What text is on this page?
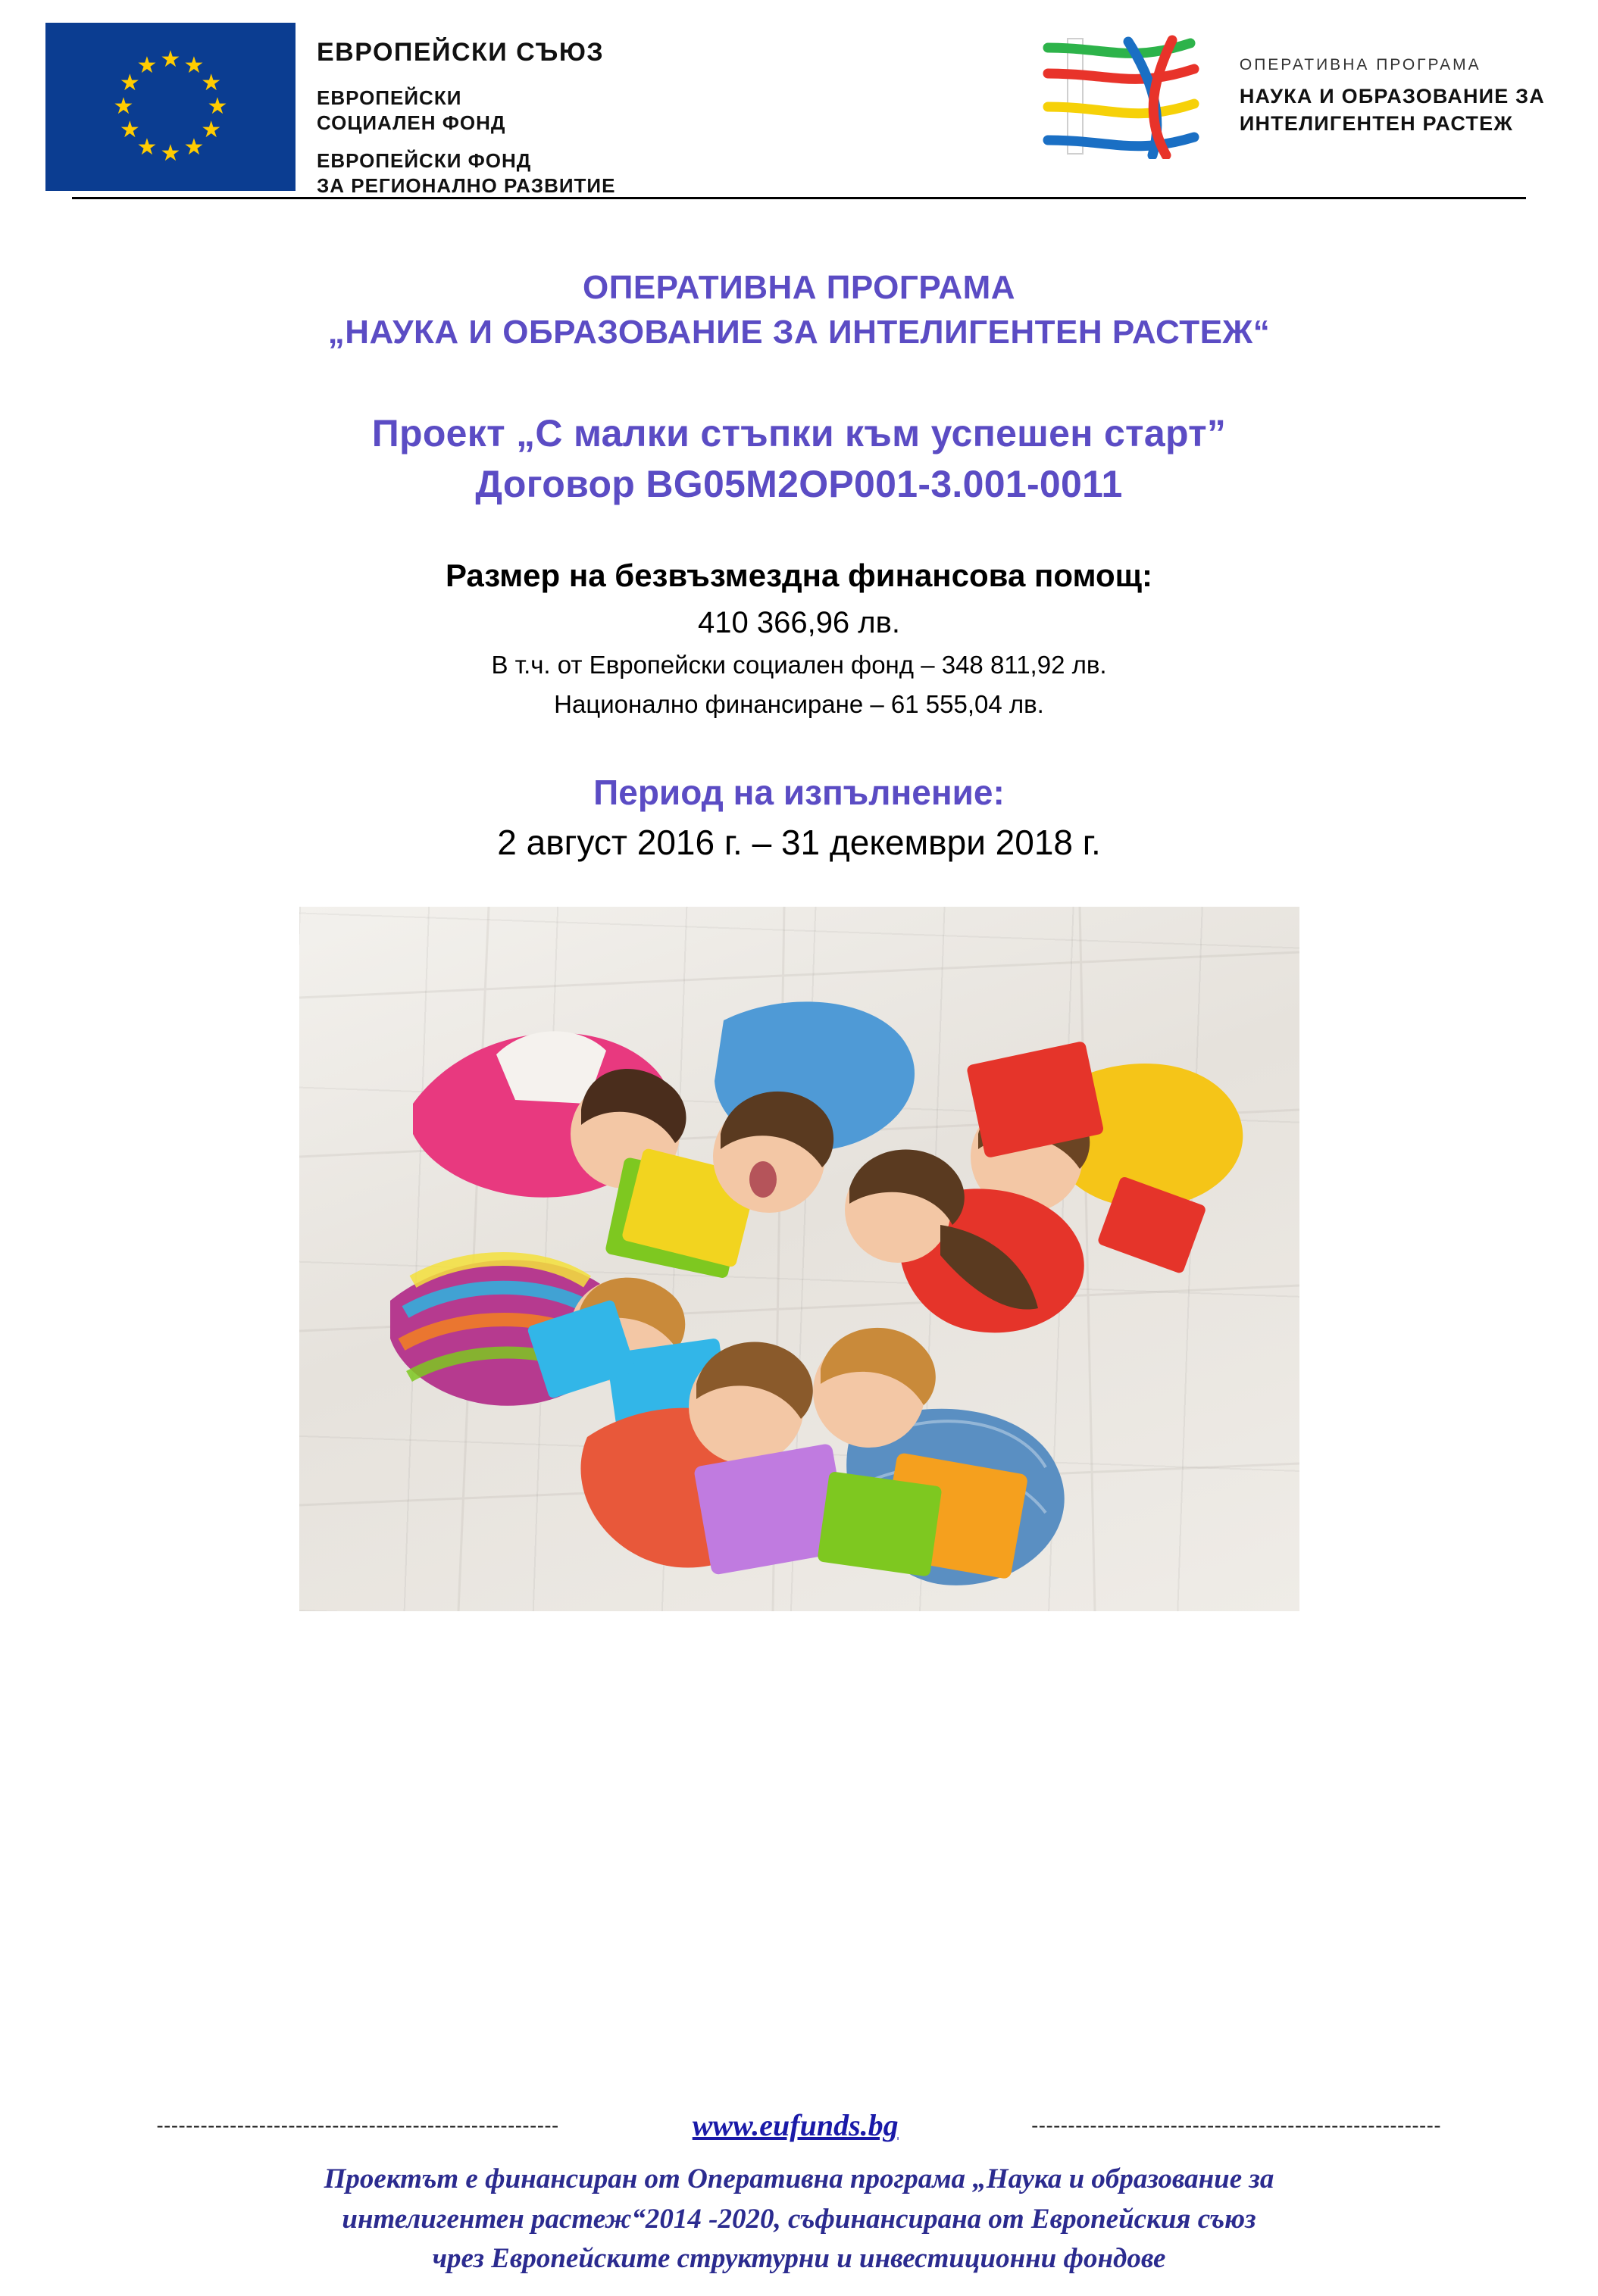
★ ★
★
★
★
★
★
★
★
★
★
★	ЕВРОПЕЙСКИ СЪЮЗ
ЕВРОПЕЙСКИ
СОЦИАЛЕН ФОНД
ЕВРОПЕЙСКИ ФОНД
ЗА РЕГИОНАЛНО РАЗВИТИЕ
ОПЕРАТИВНА ПРОГРАМА
НАУКА И ОБРАЗОВАНИЕ ЗА
ИНТЕЛИГЕНТЕН РАСТЕЖ
ОПЕРАТИВНА ПРОГРАМА
„НАУКА И ОБРАЗОВАНИЕ ЗА ИНТЕЛИГЕНТЕН РАСТЕЖ“
Проект „С малки стъпки към успешен старт”
Договор BG05M2OP001-3.001-0011
Размер на безвъзмездна финансова помощ:
410 366,96 лв.
В т.ч. от Европейски социален фонд – 348 811,92 лв.
Национално финансиране – 61 555,04 лв.
Период на изпълнение:
2 август 2016 г. – 31 декември 2018 г.
-------------------------------------------------------	www.eufunds.bg	--------------------------------------------------------
Проектът е финансиран от Оперативна програма „Наука и образование за
интелигентен растеж“2014 -2020, съфинансирана от Европейския съюз
чрез Европейските структурни и инвестиционни фондове
